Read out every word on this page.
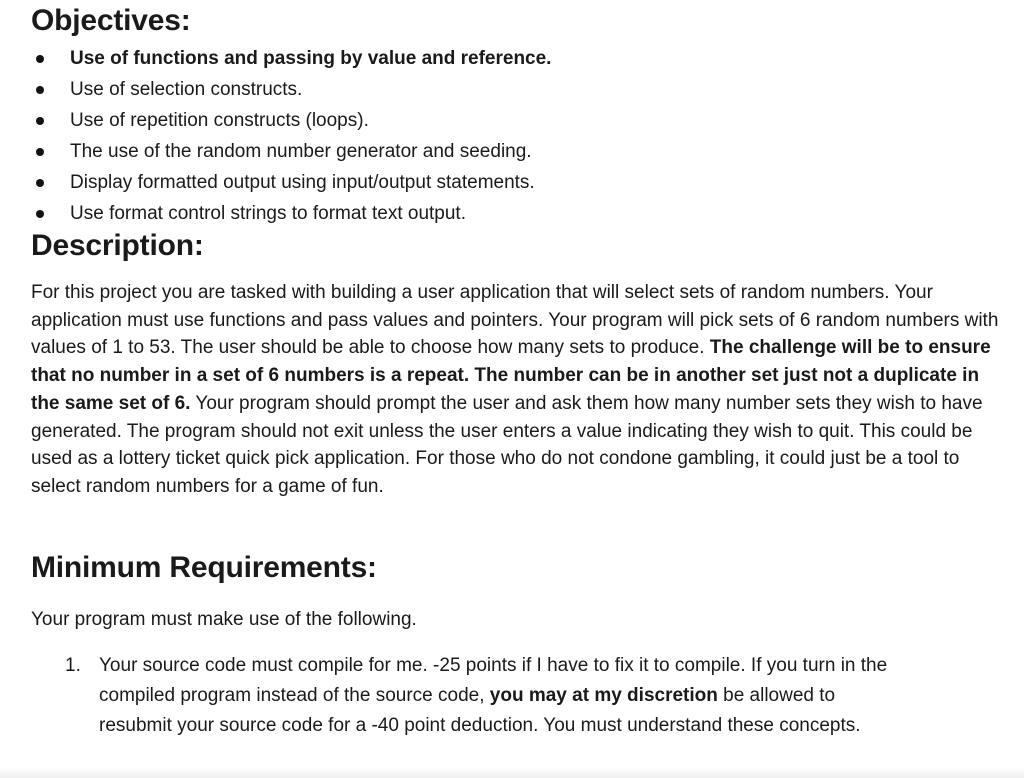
Objectives:
Use of functions and passing by value and reference.
Use of selection constructs.
Use of repetition constructs (loops).
The use of the random number generator and seeding.
Display formatted output using input/output statements.
Use format control strings to format text output.
Description:

For this project you are tasked with building a user application that will select sets of random numbers. Your application must use functions and pass values and pointers. Your program will pick sets of 6 random numbers with values of 1 to 53. The user should be able to choose how many sets to produce. The challenge will be to ensure that no number in a set of 6 numbers is a repeat. The number can be in another set just not a duplicate in the same set of 6. Your program should prompt the user and ask them how many number sets they wish to have generated. The program should not exit unless the user enters a value indicating they wish to quit. This could be used as a lottery ticket quick pick application. For those who do not condone gambling, it could just be a tool to select random numbers for a game of fun.

Minimum Requirements:

Your program must make use of the following.

1. Your source code must compile for me. -25 points if I have to fix it to compile. If you turn in the compiled program instead of the source code, you may at my discretion be allowed to resubmit your source code for a -40 point deduction. You must understand these concepts.
